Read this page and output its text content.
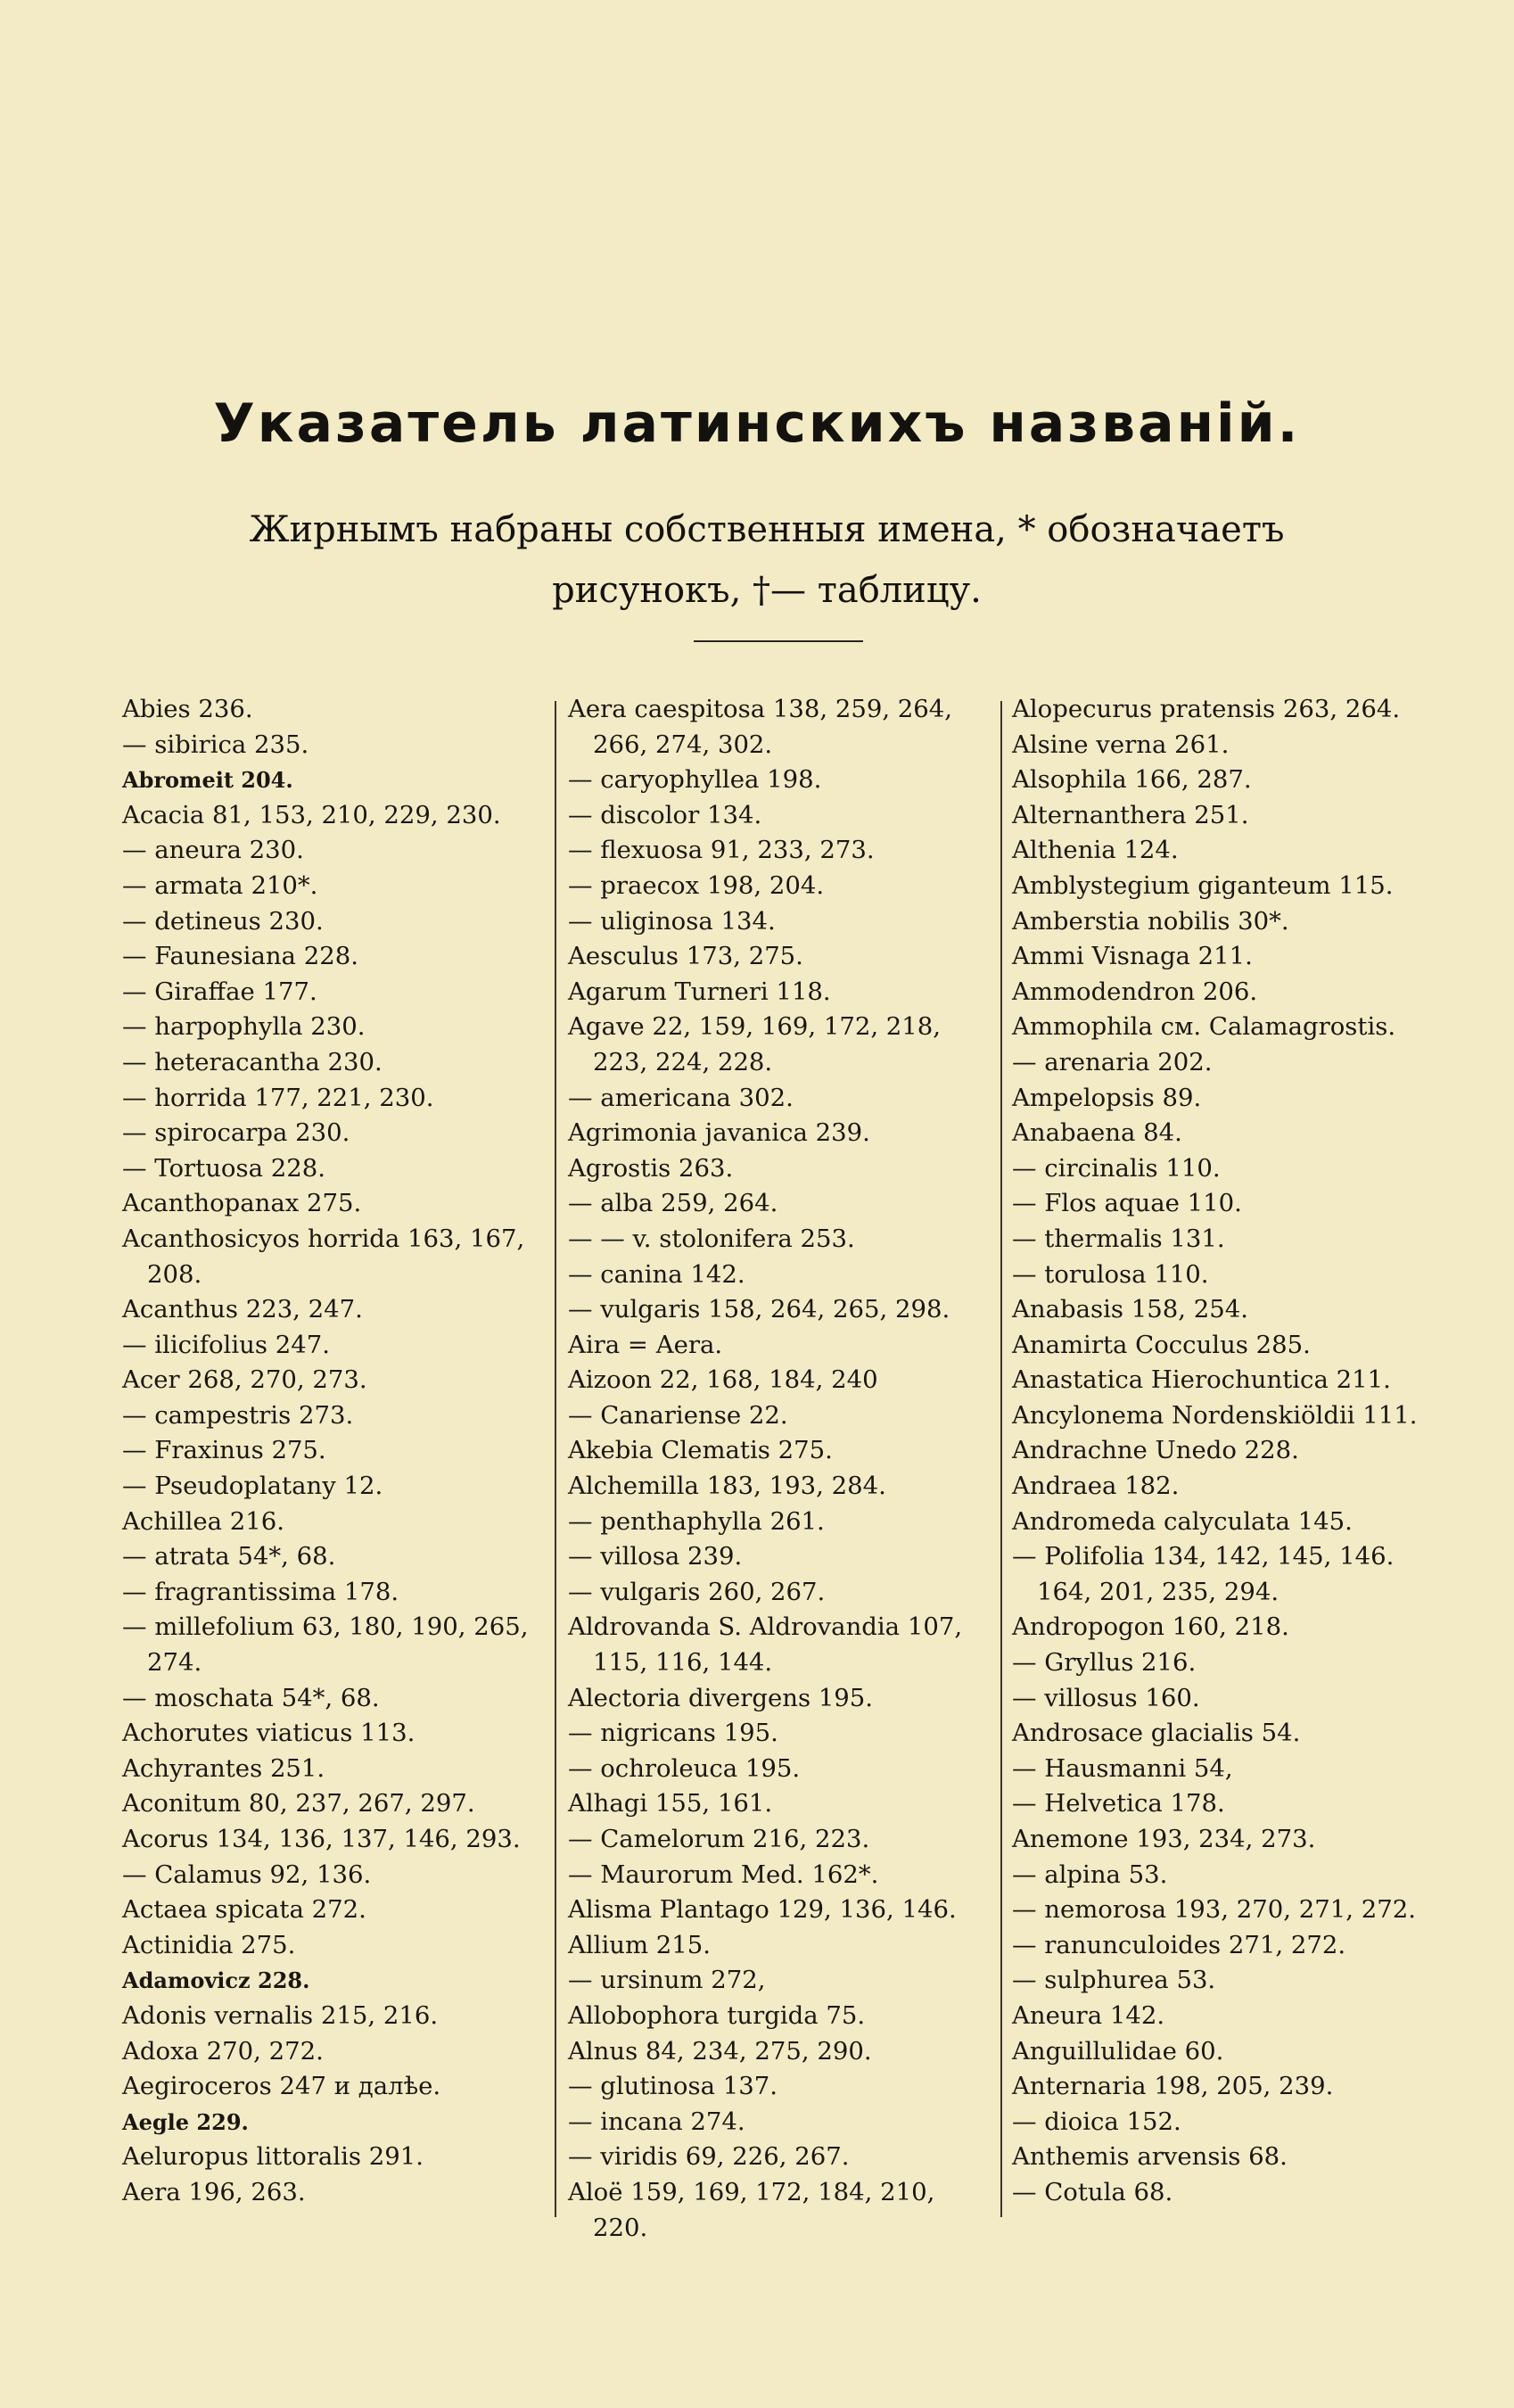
Указатель латинскихъ названій.
Жирнымъ набраны собственныя имена, * обозначаетъ рисунокъ, †— таблицу.
Abies 236.
— sibirica 235.
Abromeit 204.
Acacia 81, 153, 210, 229, 230.
— aneura 230.
— armata 210*.
— detineus 230.
— Faunesiana 228.
— Giraffae 177.
— harpophylla 230.
— heteracantha 230.
— horrida 177, 221, 230.
— spirocarpa 230.
— Tortuosa 228.
Acanthopanax 275.
Acanthosicyos horrida 163, 167, 208.
Acanthus 223, 247.
— ilicifolius 247.
Acer 268, 270, 273.
— campestris 273.
— Fraxinus 275.
— Pseudoplatany 12.
Achillea 216.
— atrata 54*, 68.
— fragrantissima 178.
— millefolium 63, 180, 190, 265, 274.
— moschata 54*, 68.
Achorutes viaticus 113.
Achyrantes 251.
Aconitum 80, 237, 267, 297.
Acorus 134, 136, 137, 146, 293.
— Calamus 92, 136.
Actaea spicata 272.
Actinidia 275.
Adamovicz 228.
Adonis vernalis 215, 216.
Adoxa 270, 272.
Aegiroceros 247 и далѣе.
Aegle 229.
Aeluropus littoralis 291.
Aera 196, 263.
Aera caespitosa 138, 259, 264, 266, 274, 302.
— caryophyllea 198.
— discolor 134.
— flexuosa 91, 233, 273.
— praecox 198, 204.
— uliginosa 134.
Aesculus 173, 275.
Agarum Turneri 118.
Agave 22, 159, 169, 172, 218, 223, 224, 228.
— americana 302.
Agrimonia javanica 239.
Agrostis 263.
— alba 259, 264.
— — v. stolonifera 253.
— canina 142.
— vulgaris 158, 264, 265, 298.
Aira = Aera.
Aizoon 22, 168, 184, 240
— Canariense 22.
Akebia Clematis 275.
Alchemilla 183, 193, 284.
— penthaphylla 261.
— villosa 239.
— vulgaris 260, 267.
Aldrovanda S. Aldrovandia 107, 115, 116, 144.
Alectoria divergens 195.
— nigricans 195.
— ochroleuca 195.
Alhagi 155, 161.
— Camelorum 216, 223.
— Maurorum Med. 162*.
Alisma Plantago 129, 136, 146.
Allium 215.
— ursinum 272,
Allobophora turgida 75.
Alnus 84, 234, 275, 290.
— glutinosa 137.
— incana 274.
— viridis 69, 226, 267.
Aloë 159, 169, 172, 184, 210, 220.
Alopecurus pratensis 263, 264.
Alsine verna 261.
Alsophila 166, 287.
Alternanthera 251.
Althenia 124.
Amblystegium giganteum 115.
Amberstia nobilis 30*.
Ammi Visnaga 211.
Ammodendron 206.
Ammophila см. Calamagrostis.
— arenaria 202.
Ampelopsis 89.
Anabaena 84.
— circinalis 110.
— Flos aquae 110.
— thermalis 131.
— torulosa 110.
Anabasis 158, 254.
Anamirta Cocculus 285.
Anastatica Hierochuntica 211.
Ancylonema Nordenskiöldii 111.
Andrachne Unedo 228.
Andraea 182.
Andromeda calyculata 145.
— Polifolia 134, 142, 145, 146. 164, 201, 235, 294.
Andropogon 160, 218.
— Gryllus 216.
— villosus 160.
Androsace glacialis 54.
— Hausmanni 54,
— Helvetica 178.
Anemone 193, 234, 273.
— alpina 53.
— nemorosa 193, 270, 271, 272.
— ranunculoides 271, 272.
— sulphurea 53.
Aneura 142.
Anguillulidae 60.
Anternaria 198, 205, 239.
— dioica 152.
Anthemis arvensis 68.
— Cotula 68.
